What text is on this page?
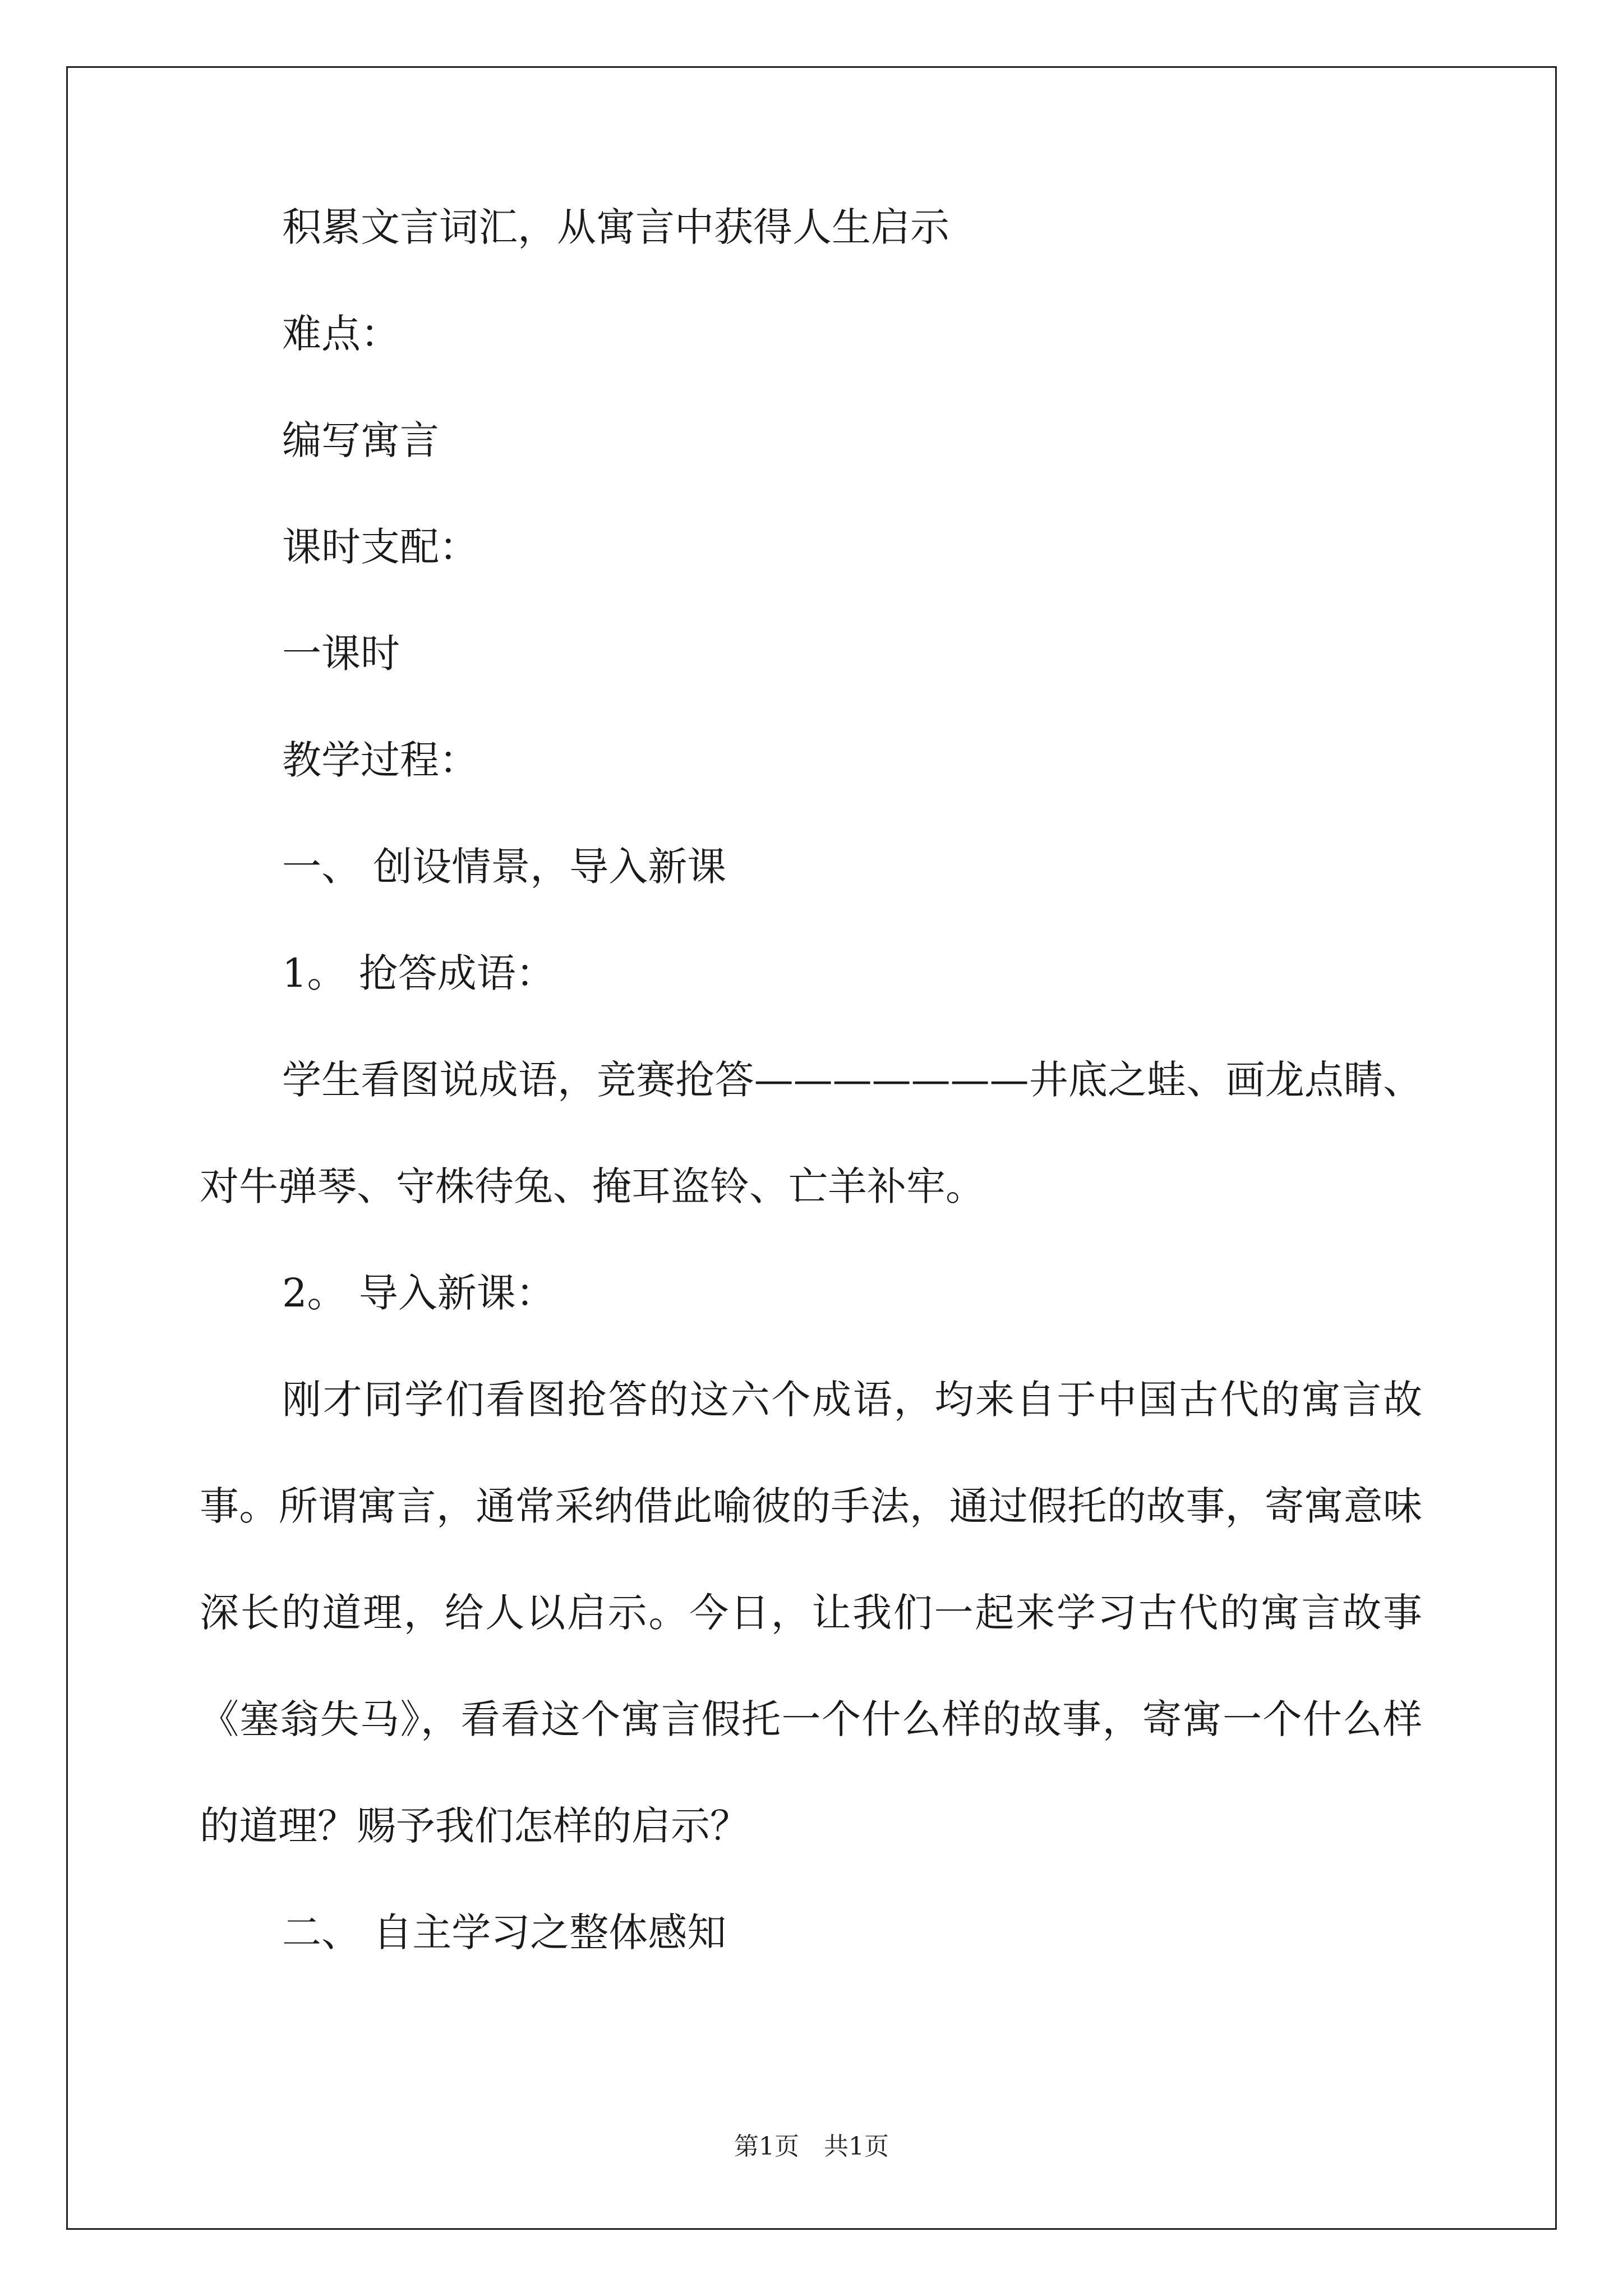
积累文言词汇，从寓言中获得人生启示

难点：

编写寓言

课时支配：

一课时

教学过程：

一、 创设情景，导入新课

1。 抢答成语：

学生看图说成语，竞赛抢答———————井底之蛙、画龙点睛、对牛弹琴、守株待兔、掩耳盗铃、亡羊补牢。

2。 导入新课：

刚才同学们看图抢答的这六个成语，均来自于中国古代的寓言故事。所谓寓言，通常采纳借此喻彼的手法，通过假托的故事，寄寓意味深长的道理，给人以启示。今日，让我们一起来学习古代的寓言故事《塞翁失马》，看看这个寓言假托一个什么样的故事，寄寓一个什么样的道理？赐予我们怎样的启示？

二、 自主学习之整体感知

第1页　共1页
